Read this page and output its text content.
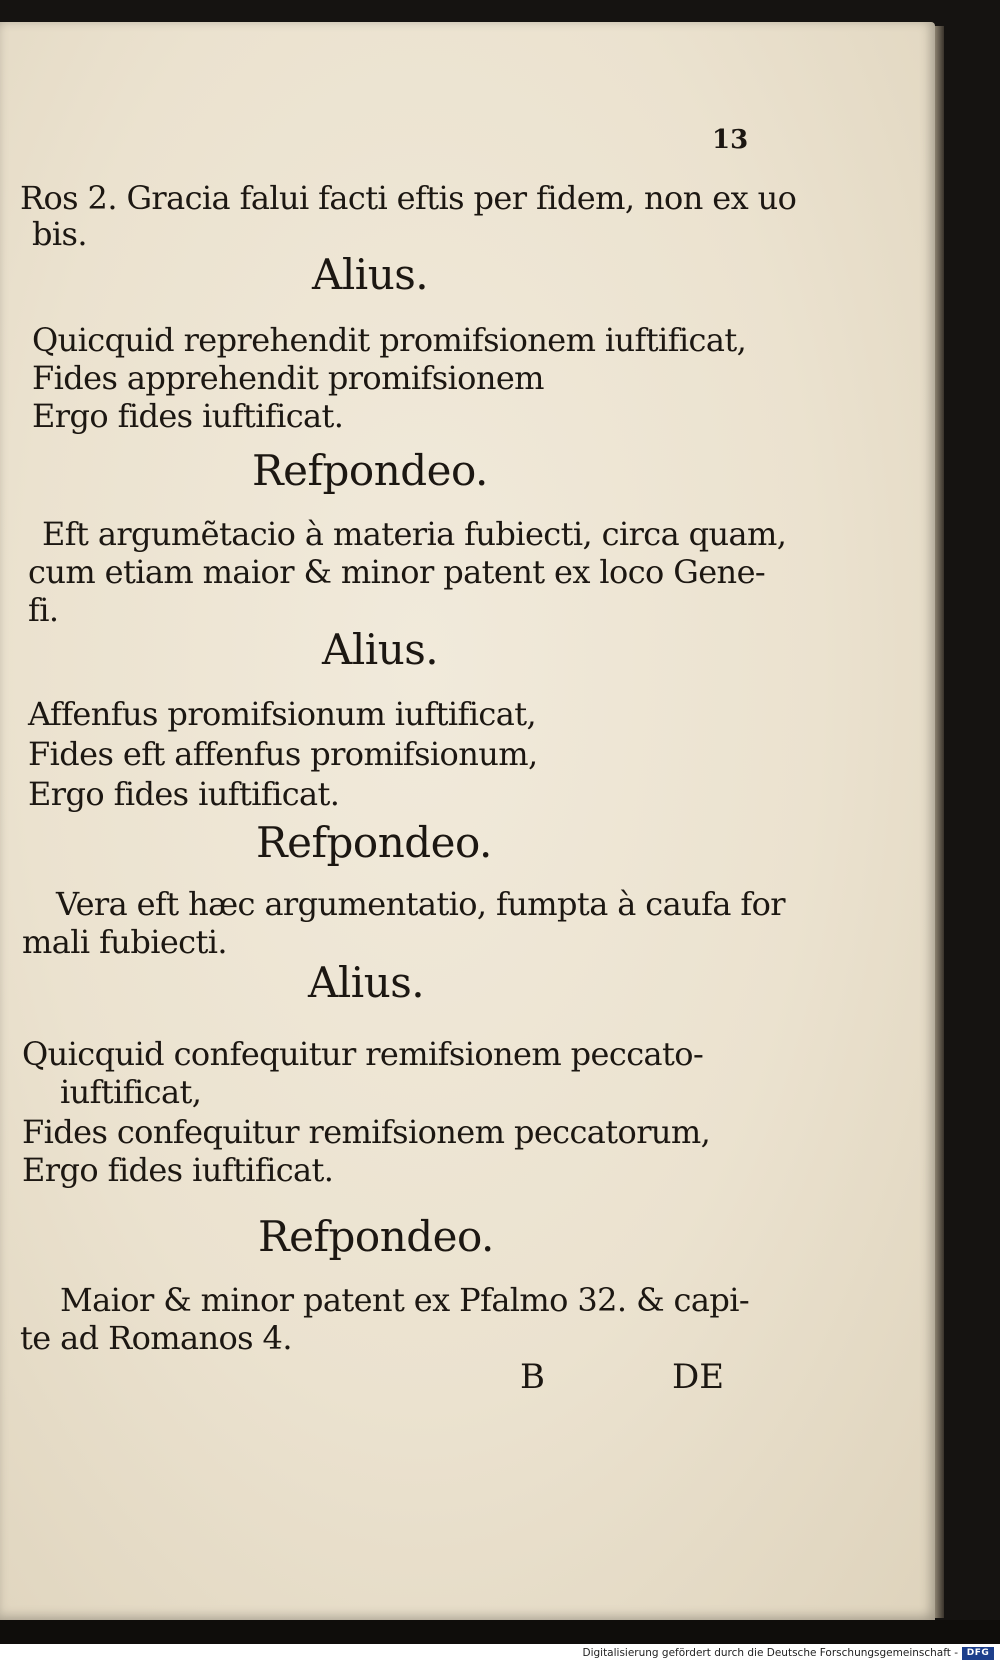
13
Ros 2. Gracia falui facti eftis per fidem, non ex uo
bis.
Alius.
Quicquid reprehendit promifsionem iuftificat,
Fides apprehendit promifsionem
Ergo fides iuftificat.
Refpondeo.
Eft argumẽtacio à materia fubiecti, circa quam,
cum etiam maior & minor patent ex loco Gene-
fi.
Alius.
Affenfus promifsionum iuftificat,
Fides eft affenfus promifsionum,
Ergo fides iuftificat.
Refpondeo.
Vera eft hæc argumentatio, fumpta à caufa for
mali fubiecti.
Alius.
Quicquid confequitur remifsionem peccato-
iuftificat,
Fides confequitur remifsionem peccatorum,
Ergo fides iuftificat.
Refpondeo.
Maior & minor patent ex Pfalmo 32. & capi-
te ad Romanos 4.
B	DE
Digitalisierung gefördert durch die Deutsche Forschungsgemeinschaft - DFG
